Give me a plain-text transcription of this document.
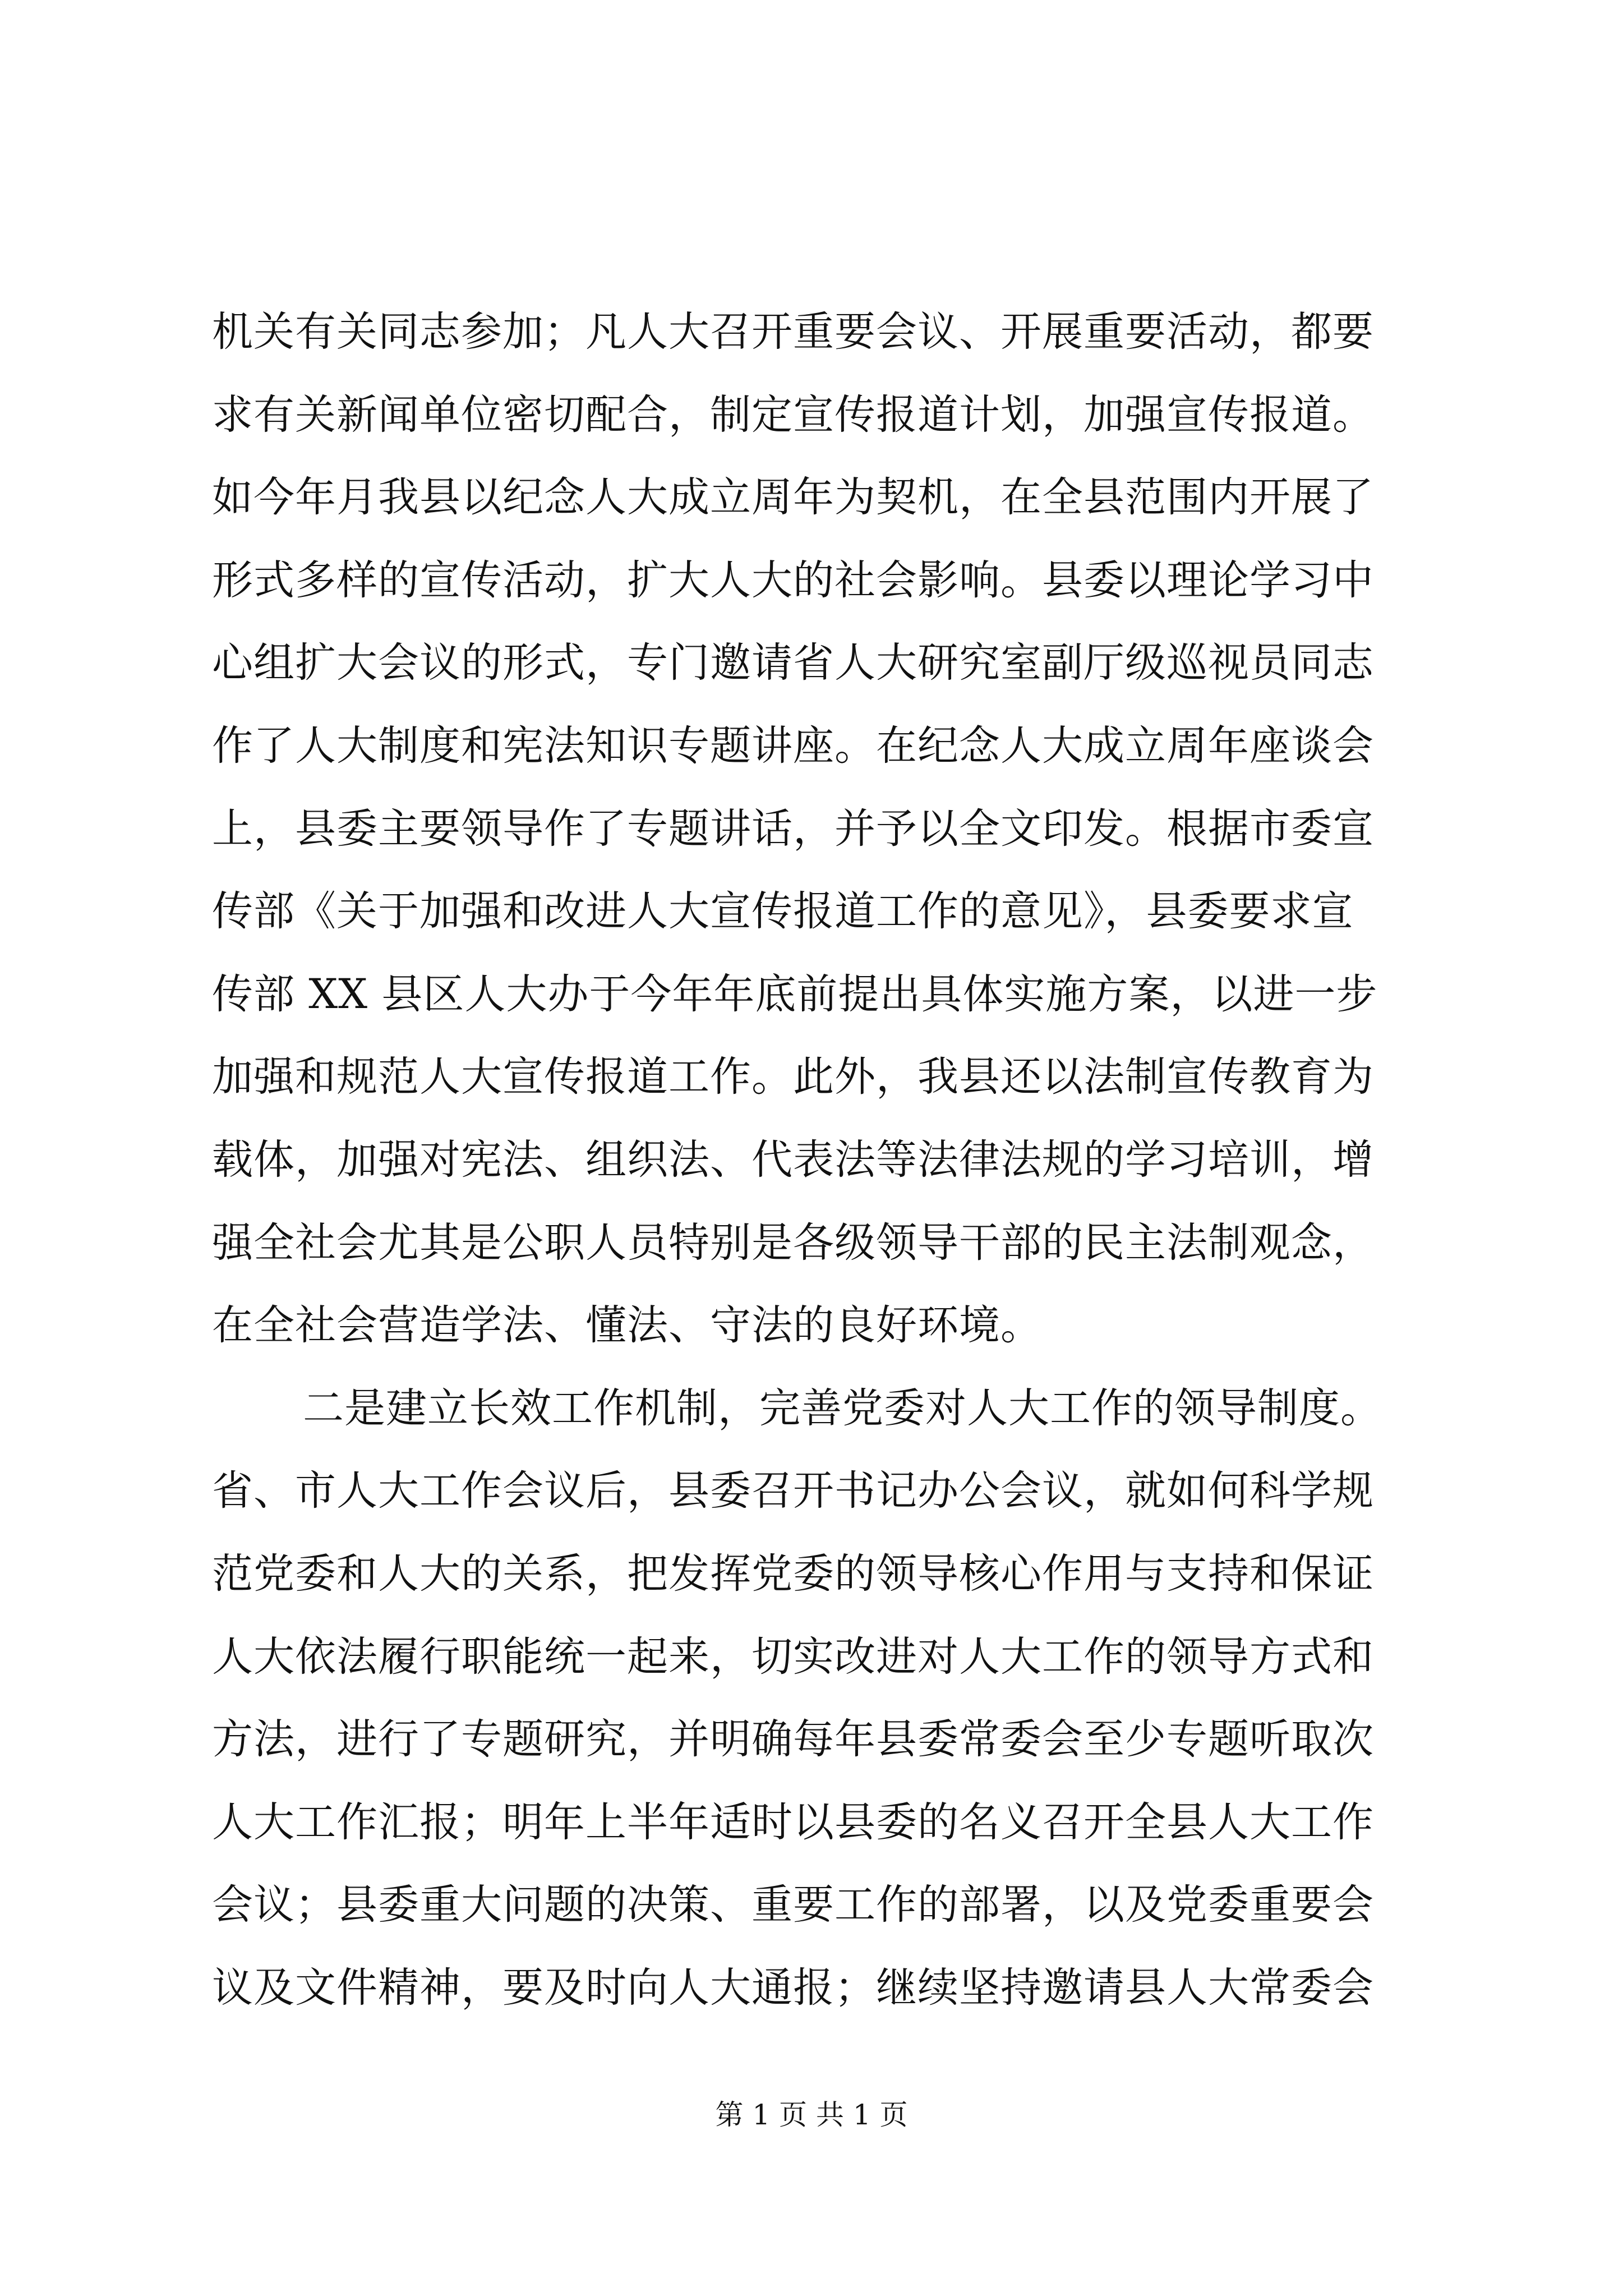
机关有关同志参加；凡人大召开重要会议、开展重要活动，都要
求有关新闻单位密切配合，制定宣传报道计划，加强宣传报道。
如今年月我县以纪念人大成立周年为契机，在全县范围内开展了
形式多样的宣传活动，扩大人大的社会影响。县委以理论学习中
心组扩大会议的形式，专门邀请省人大研究室副厅级巡视员同志
作了人大制度和宪法知识专题讲座。在纪念人大成立周年座谈会
上，县委主要领导作了专题讲话，并予以全文印发。根据市委宣
传部《关于加强和改进人大宣传报道工作的意见》，县委要求宣
传部 XX 县区人大办于今年年底前提出具体实施方案，以进一步
加强和规范人大宣传报道工作。此外，我县还以法制宣传教育为
载体，加强对宪法、组织法、代表法等法律法规的学习培训，增
强全社会尤其是公职人员特别是各级领导干部的民主法制观念，
在全社会营造学法、懂法、守法的良好环境。
二是建立长效工作机制，完善党委对人大工作的领导制度。
省、市人大工作会议后，县委召开书记办公会议，就如何科学规
范党委和人大的关系，把发挥党委的领导核心作用与支持和保证
人大依法履行职能统一起来，切实改进对人大工作的领导方式和
方法，进行了专题研究，并明确每年县委常委会至少专题听取次
人大工作汇报；明年上半年适时以县委的名义召开全县人大工作
会议；县委重大问题的决策、重要工作的部署，以及党委重要会
议及文件精神，要及时向人大通报；继续坚持邀请县人大常委会
第 1 页 共 1 页
